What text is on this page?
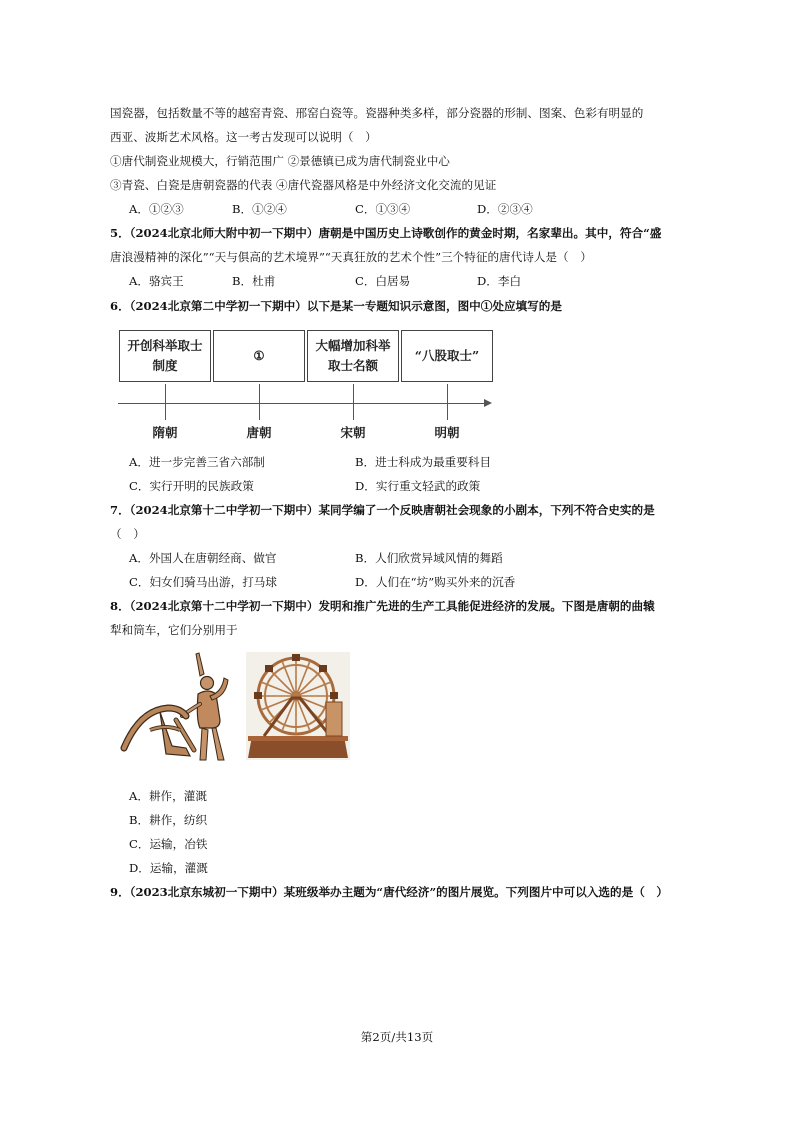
国瓷器，包括数量不等的越窑青瓷、邢窑白瓷等。瓷器种类多样，部分瓷器的形制、图案、色彩有明显的
西亚、波斯艺术风格。这一考古发现可以说明（　）
①唐代制瓷业规模大，行销范围广 ②景德镇已成为唐代制瓷业中心
③青瓷、白瓷是唐朝瓷器的代表 ④唐代瓷器风格是中外经济文化交流的见证
A．①②③	B．①②④	C．①③④	D．②③④
5．（2024北京北师大附中初一下期中）唐朝是中国历史上诗歌创作的黄金时期，名家辈出。其中，符合“盛
唐浪漫精神的深化”“天与俱高的艺术境界”“天真狂放的艺术个性”三个特征的唐代诗人是（　）
A．骆宾王	B．杜甫	C．白居易	D．李白
6．（2024北京第二中学初一下期中）以下是某一专题知识示意图，图中①处应填写的是
开创科举取士
制度
①
大幅增加科举
取士名额
“八股取士”
隋朝	唐朝	宋朝	明朝
A．进一步完善三省六部制	B．进士科成为最重要科目
C．实行开明的民族政策	D．实行重文轻武的政策
7．（2024北京第十二中学初一下期中）某同学编了一个反映唐朝社会现象的小剧本，下列不符合史实的是
（　）
A．外国人在唐朝经商、做官	B．人们欣赏异域风情的舞蹈
C．妇女们骑马出游，打马球	D．人们在“坊”购买外来的沉香
8．（2024北京第十二中学初一下期中）发明和推广先进的生产工具能促进经济的发展。下图是唐朝的曲辕
犁和筒车，它们分别用于
A．耕作，灌溉
B．耕作，纺织
C．运输，冶铁
D．运输，灌溉
9．（2023北京东城初一下期中）某班级举办主题为“唐代经济”的图片展览。下列图片中可以入选的是（　）
第2页/共13页
